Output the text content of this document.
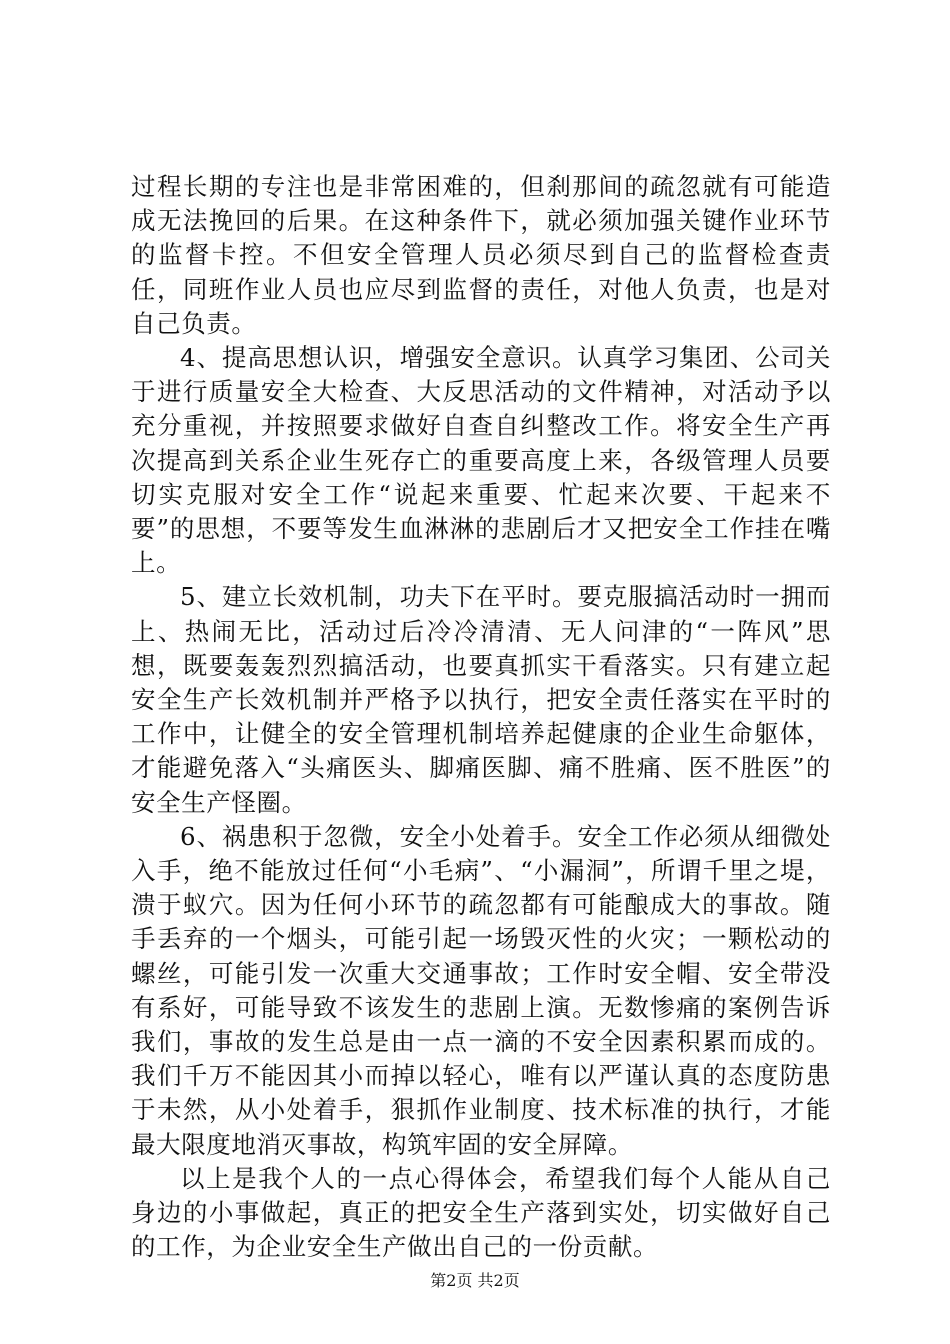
过程长期的专注也是非常困难的，但刹那间的疏忽就有可能造成无法挽回的后果。在这种条件下，就必须加强关键作业环节的监督卡控。不但安全管理人员必须尽到自己的监督检查责任，同班作业人员也应尽到监督的责任，对他人负责，也是对自己负责。

4、提高思想认识，增强安全意识。认真学习集团、公司关于进行质量安全大检查、大反思活动的文件精神，对活动予以充分重视，并按照要求做好自查自纠整改工作。将安全生产再次提高到关系企业生死存亡的重要高度上来，各级管理人员要切实克服对安全工作“说起来重要、忙起来次要、干起来不要”的思想，不要等发生血淋淋的悲剧后才又把安全工作挂在嘴上。

5、建立长效机制，功夫下在平时。要克服搞活动时一拥而上、热闹无比，活动过后冷冷清清、无人问津的“一阵风”思想，既要轰轰烈烈搞活动，也要真抓实干看落实。只有建立起安全生产长效机制并严格予以执行，把安全责任落实在平时的工作中，让健全的安全管理机制培养起健康的企业生命躯体，才能避免落入“头痛医头、脚痛医脚、痛不胜痛、医不胜医”的安全生产怪圈。

6、祸患积于忽微，安全小处着手。安全工作必须从细微处入手，绝不能放过任何“小毛病”、“小漏洞”，所谓千里之堤，溃于蚁穴。因为任何小环节的疏忽都有可能酿成大的事故。随手丢弃的一个烟头，可能引起一场毁灭性的火灾；一颗松动的螺丝，可能引发一次重大交通事故；工作时安全帽、安全带没有系好，可能导致不该发生的悲剧上演。无数惨痛的案例告诉我们，事故的发生总是由一点一滴的不安全因素积累而成的。我们千万不能因其小而掉以轻心，唯有以严谨认真的态度防患于未然，从小处着手，狠抓作业制度、技术标准的执行，才能最大限度地消灭事故，构筑牢固的安全屏障。

以上是我个人的一点心得体会，希望我们每个人能从自己身边的小事做起，真正的把安全生产落到实处，切实做好自己的工作，为企业安全生产做出自己的一份贡献。

第2页 共2页
